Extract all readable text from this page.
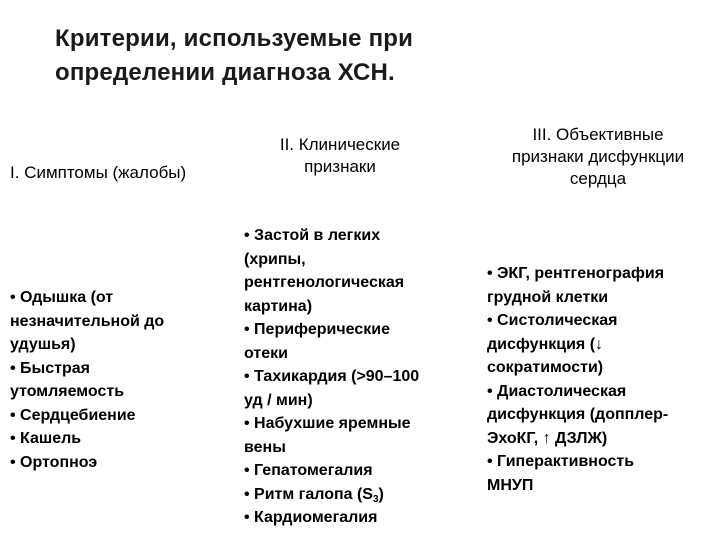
Критерии, используемые при
определении диагноза ХСН.
I. Симптомы (жалобы)
• Одышка (от
незначительной до
удушья)
• Быстрая
утомляемость
• Сердцебиение
• Кашель
• Ортопноэ
II. Клинические
признаки
• Застой в легких
(хрипы,
рентгенологическая
картина)
• Периферические
отеки
• Тахикардия (>90–100
уд / мин)
• Набухшие яремные
вены
• Гепатомегалия
• Ритм галопа $(S_3)$
• Кардиомегалия
III. Объективные
признаки дисфункции
сердца
• ЭКГ, рентгенография
грудной клетки
• Систолическая
дисфункция (↓
сократимости)
• Диастолическая
дисфункция (допплер-
ЭхоКГ, ↑ ДЗЛЖ)
• Гиперактивность
МНУП
